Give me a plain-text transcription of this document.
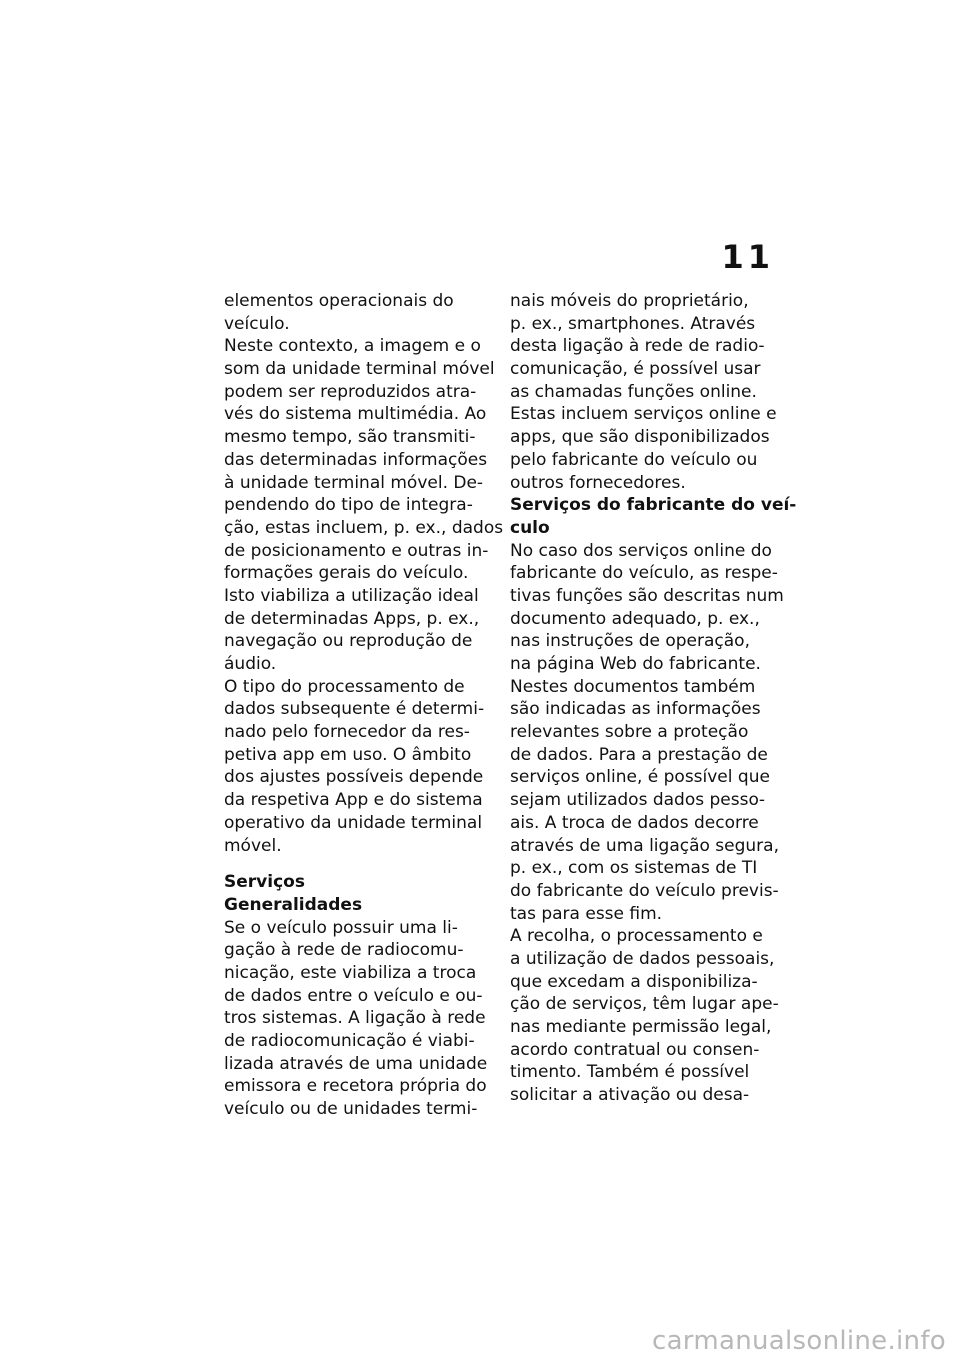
11
elementos operacionais do
veículo.
Neste contexto, a imagem e o
som da unidade terminal móvel
podem ser reproduzidos atra‐
vés do sistema multimédia. Ao
mesmo tempo, são transmiti‐
das determinadas informações
à unidade terminal móvel. De‐
pendendo do tipo de integra‐
ção, estas incluem, p. ex., dados
de posicionamento e outras in‐
formações gerais do veículo.
Isto viabiliza a utilização ideal
de determinadas Apps, p. ex.,
navegação ou reprodução de
áudio.
O tipo do processamento de
dados subsequente é determi‐
nado pelo fornecedor da res‐
petiva app em uso. O âmbito
dos ajustes possíveis depende
da respetiva App e do sistema
operativo da unidade terminal
móvel.
Serviços
Generalidades
Se o veículo possuir uma li‐
gação à rede de radiocomu‐
nicação, este viabiliza a troca
de dados entre o veículo e ou‐
tros sistemas. A ligação à rede
de radiocomunicação é viabi‐
lizada através de uma unidade
emissora e recetora própria do
veículo ou de unidades termi‐
nais móveis do proprietário,
p. ex., smartphones. Através
desta ligação à rede de radio‐
comunicação, é possível usar
as chamadas funções online.
Estas incluem serviços online e
apps, que são disponibilizados
pelo fabricante do veículo ou
outros fornecedores.
Serviços do fabricante do veí‐
culo
No caso dos serviços online do
fabricante do veículo, as respe‐
tivas funções são descritas num
documento adequado, p. ex.,
nas instruções de operação,
na página Web do fabricante.
Nestes documentos também
são indicadas as informações
relevantes sobre a proteção
de dados. Para a prestação de
serviços online, é possível que
sejam utilizados dados pesso‐
ais. A troca de dados decorre
através de uma ligação segura,
p. ex., com os sistemas de TI
do fabricante do veículo previs‐
tas para esse fim.
A recolha, o processamento e
a utilização de dados pessoais,
que excedam a disponibiliza‐
ção de serviços, têm lugar ape‐
nas mediante permissão legal,
acordo contratual ou consen‐
timento. Também é possível
solicitar a ativação ou desa‐
carmanualsonline.info
